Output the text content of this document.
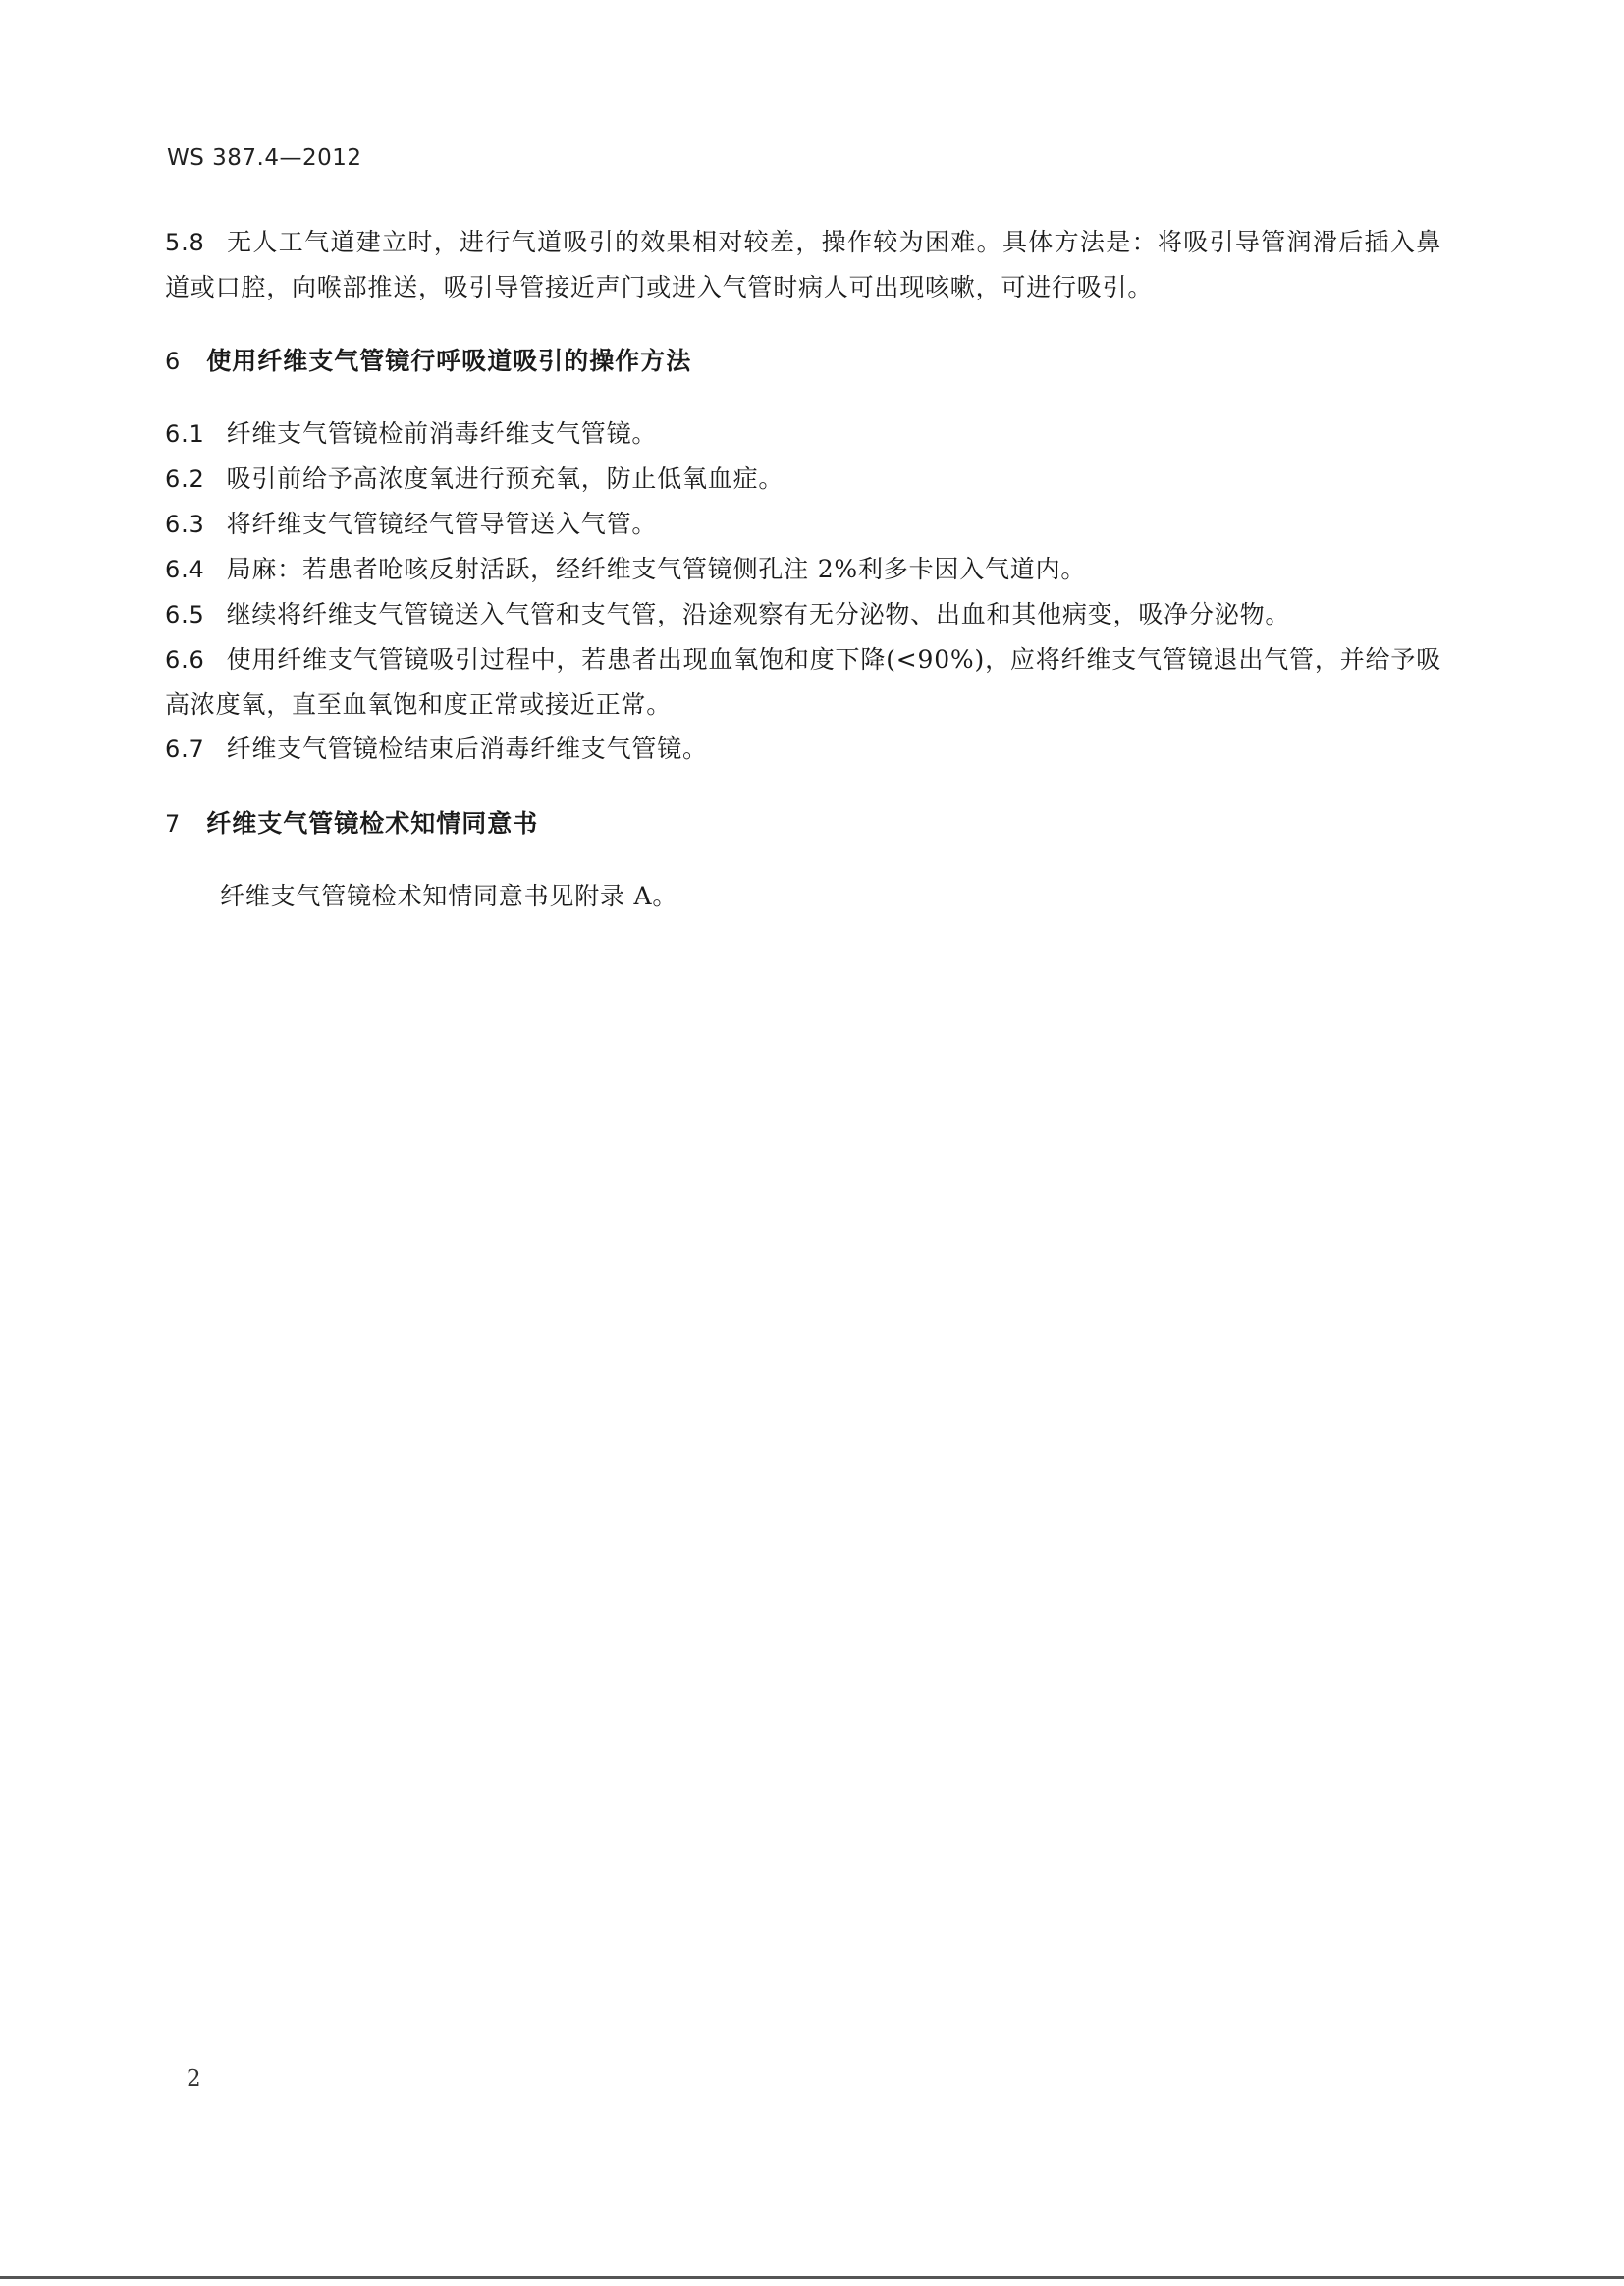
WS 387.4—2012

5.8 无人工气道建立时，进行气道吸引的效果相对较差，操作较为困难。具体方法是：将吸引导管润滑后插入鼻道或口腔，向喉部推送，吸引导管接近声门或进入气管时病人可出现咳嗽，可进行吸引。

6 使用纤维支气管镜行呼吸道吸引的操作方法

6.1 纤维支气管镜检前消毒纤维支气管镜。

6.2 吸引前给予高浓度氧进行预充氧，防止低氧血症。

6.3 将纤维支气管镜经气管导管送入气管。

6.4 局麻：若患者呛咳反射活跃，经纤维支气管镜侧孔注 2%利多卡因入气道内。

6.5 继续将纤维支气管镜送入气管和支气管，沿途观察有无分泌物、出血和其他病变，吸净分泌物。

6.6 使用纤维支气管镜吸引过程中，若患者出现血氧饱和度下降(<90%)，应将纤维支气管镜退出气管，并给予吸高浓度氧，直至血氧饱和度正常或接近正常。

6.7 纤维支气管镜检结束后消毒纤维支气管镜。

7 纤维支气管镜检术知情同意书

纤维支气管镜检术知情同意书见附录 A。

2
